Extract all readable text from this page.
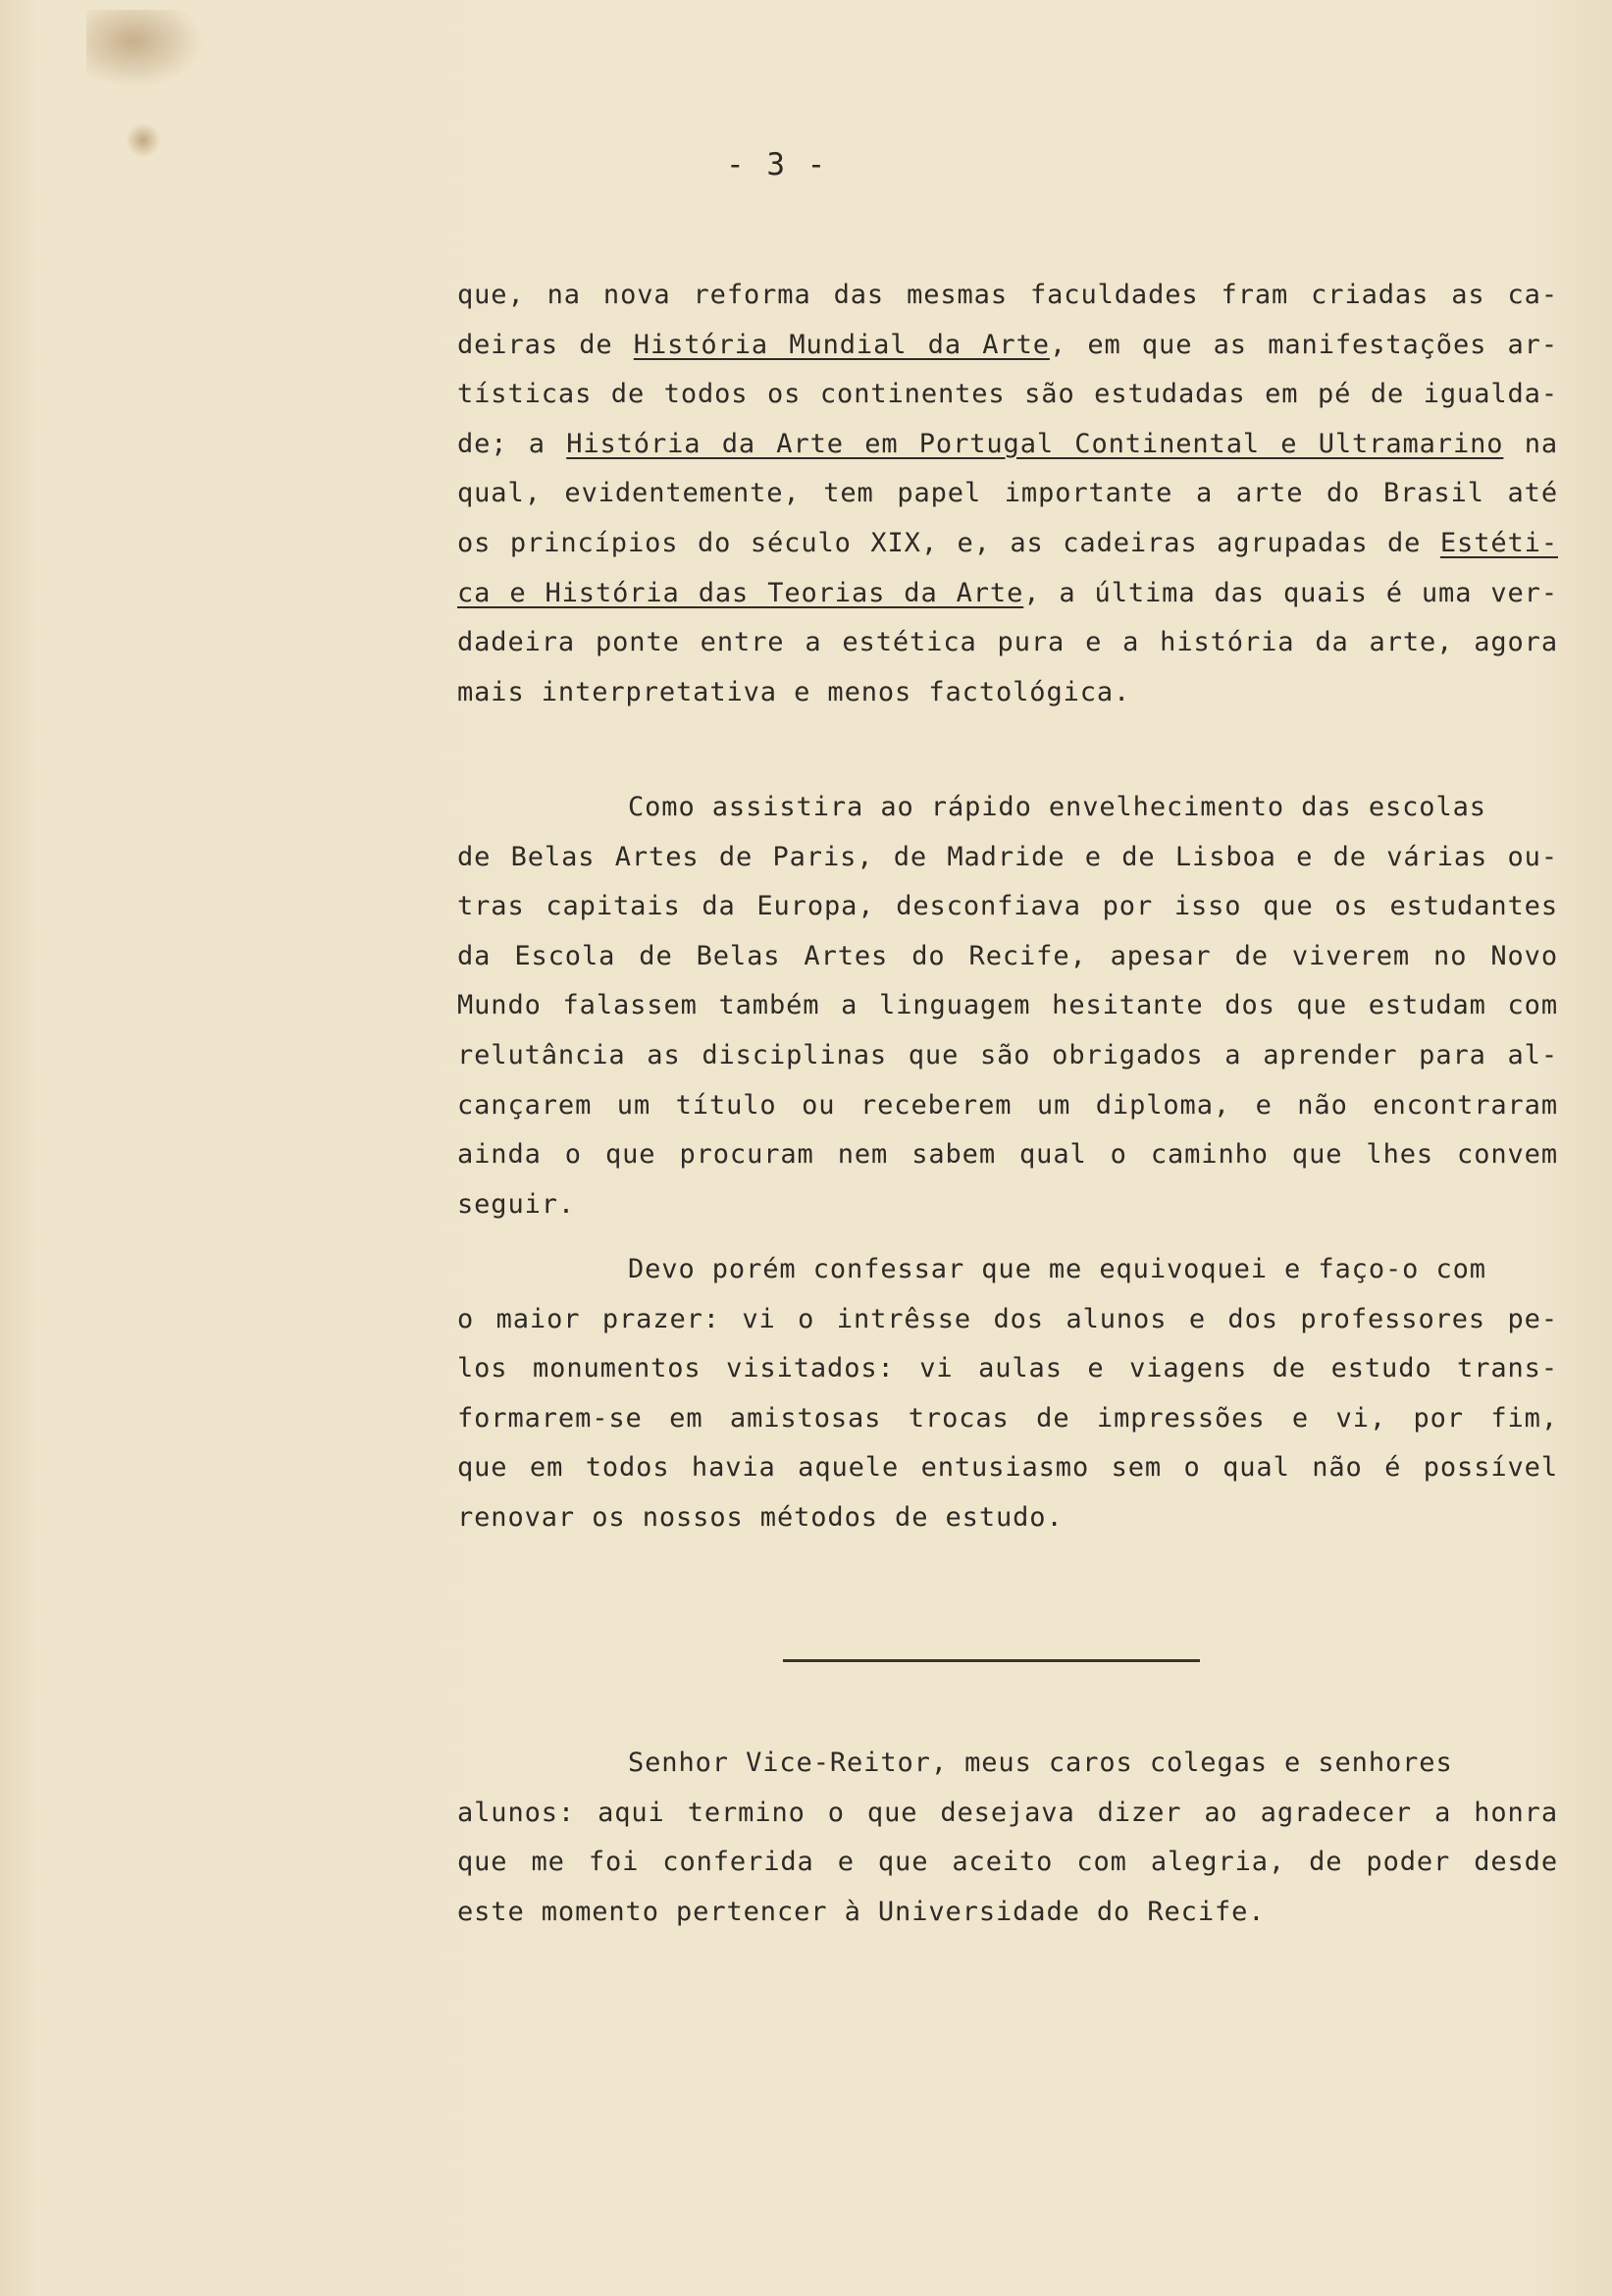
- 3 -
que, na nova reforma das mesmas faculdades fram criadas as ca-
deiras de História Mundial da Arte, em que as manifestações ar-
tísticas de todos os continentes são estudadas em pé de igualda-
de; a História da Arte em Portugal Continental e Ultramarino na
qual, evidentemente, tem papel importante a arte do Brasil até
os princípios do século XIX, e, as cadeiras agrupadas de Estéti-
ca e História das Teorias da Arte, a última das quais é uma ver-
dadeira ponte entre a estética pura e a história da arte, agora
mais interpretativa e menos factológica.
Como assistira ao rápido envelhecimento das escolas
de Belas Artes de Paris, de Madride e de Lisboa e de várias ou-
tras capitais da Europa, desconfiava por isso que os estudantes
da Escola de Belas Artes do Recife, apesar de viverem no Novo
Mundo falassem também a linguagem hesitante dos que estudam com
relutância as disciplinas que são obrigados a aprender para al-
cançarem um título ou receberem um diploma, e não encontraram
ainda o que procuram nem sabem qual o caminho que lhes convem
seguir.
Devo porém confessar que me equivoquei e faço-o com
o maior prazer: vi o intrêsse dos alunos e dos professores pe-
los monumentos visitados: vi aulas e viagens de estudo trans-
formarem-se em amistosas trocas de impressões e vi, por fim,
que em todos havia aquele entusiasmo sem o qual não é possível
renovar os nossos métodos de estudo.
Senhor Vice-Reitor, meus caros colegas e senhores
alunos: aqui termino o que desejava dizer ao agradecer a honra
que me foi conferida e que aceito com alegria, de poder desde
este momento pertencer à Universidade do Recife.
